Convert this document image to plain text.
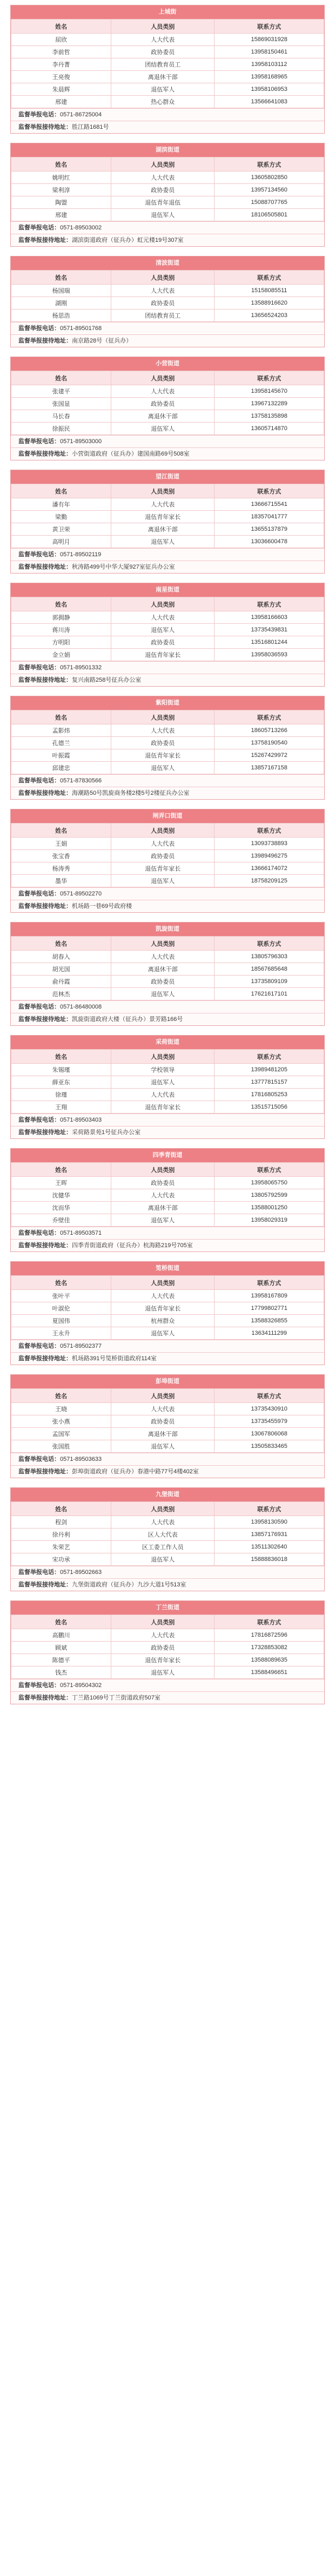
上城街
姓名	人员类别	联系方式
屈欣	人大代表	15869031928
李前哲	政协委员	13958150461
李丹菁	团结教育员工	13958103112
王亮俊	离退休干部	13958168965
朱晨辉	退伍军人	13958106953
邢建	热心群众	13566641083
监督举报电话：0571-86725004
监督举报接待地址：胜江路1681号
湖滨街道
姓名	人员类别	联系方式
姚明红	人大代表	13605802850
梁利淳	政协委员	13957134560
陶盟	退伍青年退伍	15088707765
邢建	退伍军人	18106505801
监督举报电话：0571-89503002
监督举报接待地址：湖滨街道政府（征兵办）虹元楼19号307室
清波街道
姓名	人员类别	联系方式
杨国瑞	人大代表	15158085511
湖刚	政协委员	13588916620
杨思浩	团结教育员工	13656524203
监督举报电话：0571-89501768
监督举报接待地址：南京路28号（征兵办）
小营街道
姓名	人员类别	联系方式
张建平	人大代表	13958145670
张国显	政协委员	13967132289
马长春	离退休干部	13758135898
徐振民	退伍军人	13605714870
监督举报电话：0571-89503000
监督举报接待地址：小营街道政府（征兵办）建国南路69号508室
望江街道
姓名	人员类别	联系方式
潘有年	人大代表	13666715541
梁勤	退伍青年家长	18357041777
黄卫荣	离退休干部	13655137879
高明月	退伍军人	13036600478
监督举报电话：0571-89502119
监督举报接待地址：秋涛路499号中华大厦927室征兵办公室
南星街道
姓名	人员类别	联系方式
郭拥静	人大代表	13958166603
蒋川涛	退伍军人	13735439831
方明阳	政协委员	13516801244
金立娟	退伍青年家长	13958036593
监督举报电话：0571-89501332
监督举报接待地址：复兴南路258号征兵办公室
紫阳街道
姓名	人员类别	联系方式
孟影炜	人大代表	18605713266
孔德兰	政协委员	13758190540
叶振霞	退伍青年家长	15267429972
邱建忠	退伍军人	13857167158
监督举报电话：0571-87830566
监督举报接待地址：海潮路50号凯旋商务楼2楼5号2楼征兵办公室
闸弄口街道
姓名	人员类别	联系方式
王娟	人大代表	13093738893
张宝香	政协委员	13989496275
杨涛秀	退伍青年家长	13666174072
墨华	退伍军人	18758209125
监督举报电话：0571-89502270
监督举报接待地址：机场路一巷69号政府楼
凯旋街道
姓名	人员类别	联系方式
胡春入	人大代表	13805796303
胡光国	离退休干部	18567685648
俞丹霞	政协委员	13735809109
范林杰	退伍军人	17621617101
监督举报电话：0571-86480008
监督举报接待地址：凯旋街道政府大楼（征兵办）景芳路166号
采荷街道
姓名	人员类别	联系方式
朱锡瑾	学校领导	13989481205
薛亚东	退伍军人	13777815157
徐瑾	人大代表	17816805253
王翔	退伍青年家长	13515715056
监督举报电话：0571-89503403
监督举报接待地址：采荷路景苑1号征兵办公室
四季青街道
姓名	人员类别	联系方式
王晖	政协委员	13958065750
沈健华	人大代表	13805792599
沈而华	离退休干部	13588001250
乔壁佳	退伍军人	13958029319
监督举报电话：0571-89503571
监督举报接待地址：四季青街道政府（征兵办）杭海路219号705室
笕桥街道
姓名	人员类别	联系方式
张叶平	人大代表	13958167809
叶淑伦	退伍青年家长	17799802771
夏国伟	杭州群众	13588326855
王永升	退伍军人	13634111299
监督举报电话：0571-89502377
监督举报接待地址：机场路391号笕桥街道政府114室
彭埠街道
姓名	人员类别	联系方式
王晓	人大代表	13735430910
张小燕	政协委员	13735455979
孟国军	离退休干部	13067806068
张国胜	退伍军人	13505833465
监督举报电话：0571-89503633
监督举报接待地址：彭埠街道政府（征兵办）春港中路77号4楼402室
九堡街道
姓名	人员类别	联系方式
程剑	人大代表	13958130590
徐丹利	区人大代表	13857176931
朱荣艺	区工委工作人员	13511302640
宋功承	退伍军人	15888836018
监督举报电话：0571-89502663
监督举报接待地址：九堡街道政府（征兵办）九沙大道1号513室
丁兰街道
姓名	人员类别	联系方式
高鹏川	人大代表	17816872596
顾斌	政协委员	17328853082
陈德平	退伍青年家长	13588089635
钱杰	退伍军人	13588496651
监督举报电话：0571-89504302
监督举报接待地址：丁兰路1069号丁兰街道政府507室
